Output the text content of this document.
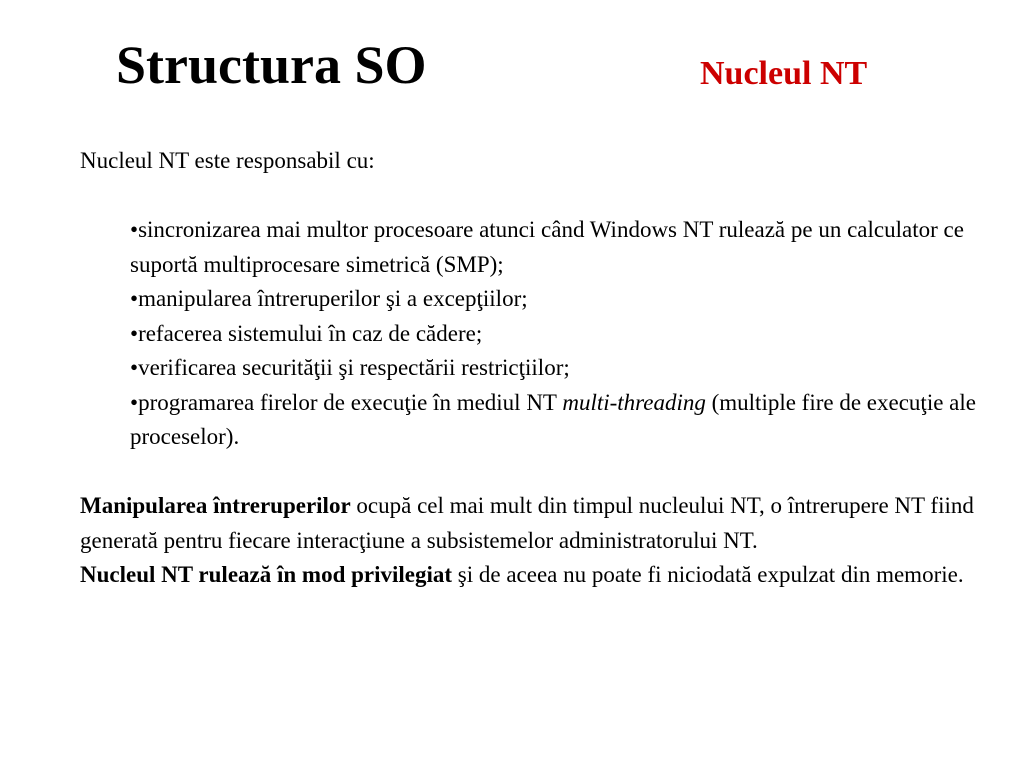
Structura SO	Nucleul NT

Nucleul NT este responsabil cu:

• sincronizarea mai multor procesoare atunci când Windows NT rulează pe un calculator ce suportă multiprocesare simetrică (SMP);
• manipularea întreruperilor şi a excepţiilor;
• refacerea sistemului în caz de cădere;
• verificarea securităţii şi respectării restricţiilor;
• programarea firelor de execuţie în mediul NT multi-threading (multiple fire de execuţie ale proceselor).

Manipularea întreruperilor ocupă cel mai mult din timpul nucleului NT, o întrerupere NT fiind generată pentru fiecare interacţiune a subsistemelor administratorului NT.

Nucleul NT rulează în mod privilegiat şi de aceea nu poate fi niciodată expulzat din memorie.
